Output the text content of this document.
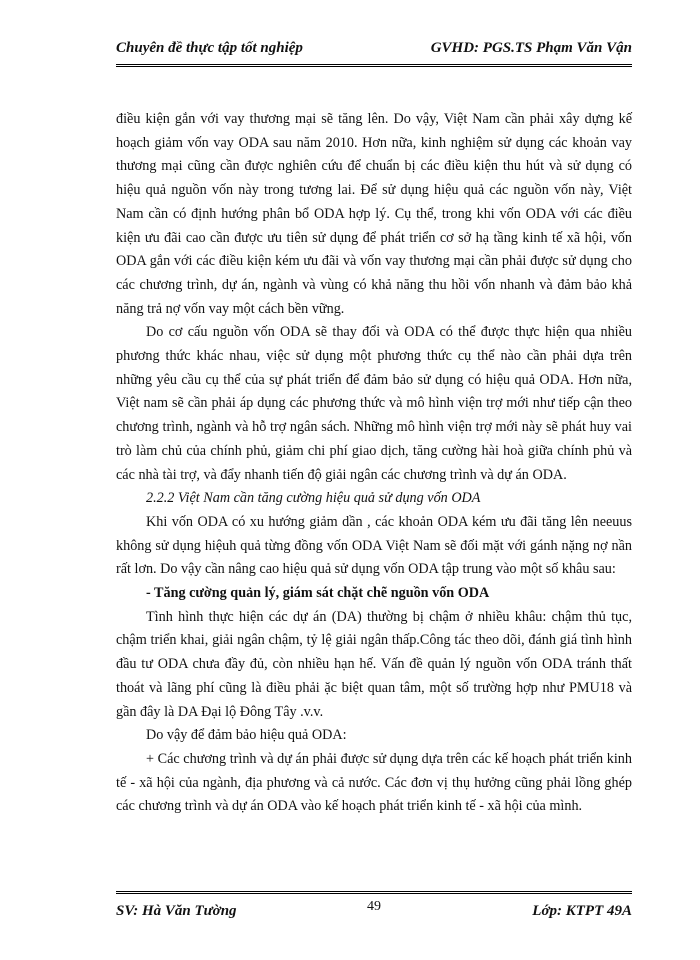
Chuyên đề thực tập tốt nghiệp	GVHD: PGS.TS Phạm Văn Vận

điều kiện gắn với vay thương mại sẽ tăng lên. Do vậy, Việt Nam cần phải xây dựng kế hoạch giảm vốn vay ODA sau năm 2010. Hơn nữa, kinh nghiệm sử dụng các khoản vay thương mại cũng cần được nghiên cứu để chuẩn bị các điều kiện thu hút và sử dụng có hiệu quả nguồn vốn này trong tương lai. Để sử dụng hiệu quả các nguồn vốn này, Việt Nam cần có định hướng phân bổ ODA hợp lý. Cụ thể, trong khi vốn ODA với các điều kiện ưu đãi cao cần được ưu tiên sử dụng để phát triển cơ sở hạ tầng kinh tế xã hội, vốn ODA gắn với các điều kiện kém ưu đãi và vốn vay thương mại cần phải được sử dụng cho các chương trình, dự án, ngành và vùng có khả năng thu hồi vốn nhanh và đảm bảo khả năng trả nợ vốn vay một cách bền vững.

Do cơ cấu nguồn vốn ODA sẽ thay đổi và ODA có thể được thực hiện qua nhiều phương thức khác nhau, việc sử dụng một phương thức cụ thể nào cần phải dựa trên những yêu cầu cụ thể của sự phát triển để đảm bảo sử dụng có hiệu quả ODA. Hơn nữa, Việt nam sẽ cần phải áp dụng các phương thức và mô hình viện trợ mới như tiếp cận theo chương trình, ngành và hỗ trợ ngân sách. Những mô hình viện trợ mới này sẽ phát huy vai trò làm chủ của chính phủ, giảm chi phí giao dịch, tăng cường hài hoà giữa chính phủ và các nhà tài trợ, và đẩy nhanh tiến độ giải ngân các chương trình và dự án ODA.

2.2.2 Việt Nam cần tăng cường hiệu quả sử dụng vốn ODA

Khi vốn ODA có xu hướng giảm dần , các khoản ODA kém ưu đãi tăng lên neeuus không sử dụng hiệuh quả từng đồng vốn ODA Việt Nam sẽ đối mặt với gánh nặng nợ nần rất lơn. Do vậy cần nâng cao hiệu quả sử dụng vốn ODA tập trung vào một số khâu sau:

- Tăng cường quản lý, giám sát chặt chẽ nguồn vốn ODA

Tình hình thực hiện các dự án (DA) thường bị chậm ở nhiều khâu: chậm thủ tục, chậm triển khai, giải ngân chậm, tỷ lệ giải ngân thấp.Công tác theo dõi, đánh giá tình hình đầu tư ODA chưa đầy đủ, còn nhiều hạn hế. Vấn đề quản lý nguồn vốn ODA tránh thất thoát và lãng phí cũng là điều phải ặc biệt quan tâm, một số trường hợp như PMU18 và gần đây là DA Đại lộ Đông Tây .v.v.

Do vậy để đảm bảo hiệu quả ODA:

+ Các chương trình và dự án phải được sử dụng dựa trên các kế hoạch phát triển kinh tế - xã hội của ngành, địa phương và cả nước. Các đơn vị thụ hưởng cũng phải lồng ghép các chương trình và dự án ODA vào kế hoạch phát triển kinh tế - xã hội của mình.

SV: Hà Văn Tường	49	Lớp: KTPT 49A
